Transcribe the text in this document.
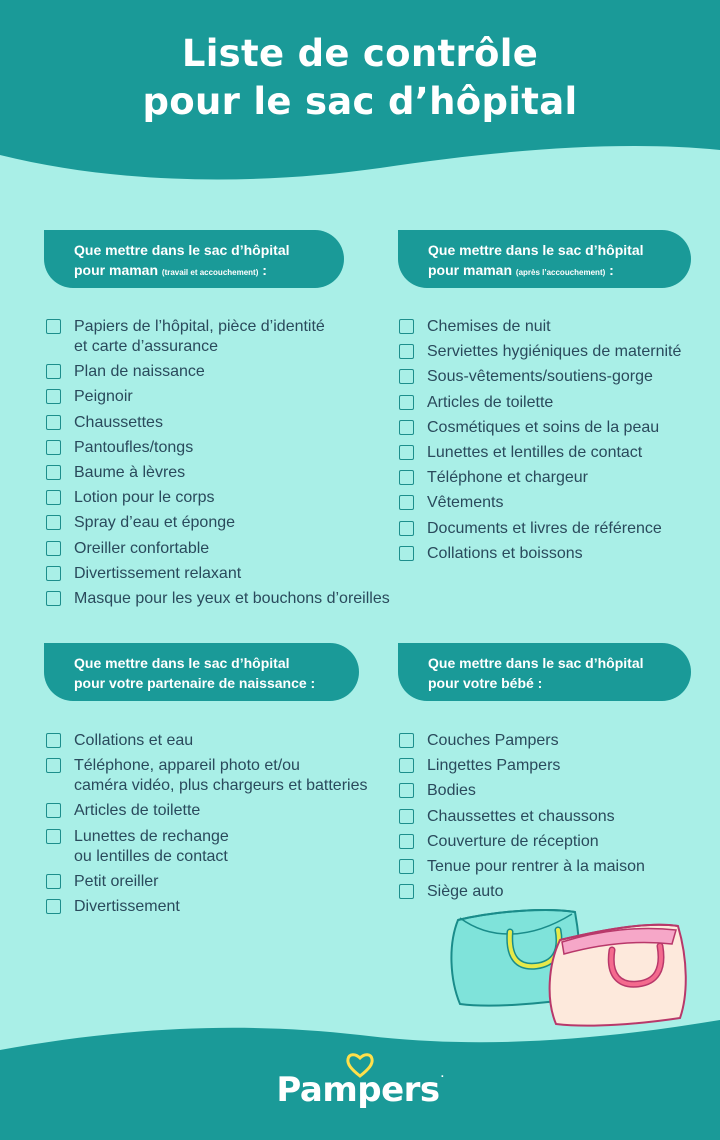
Liste de contrôle
pour le sac d’hôpital
Que mettre dans le sac d’hôpital
pour maman (travail et accouchement) :
Papiers de l’hôpital, pièce d’identité
et carte d’assurance
Plan de naissance
Peignoir
Chaussettes
Pantoufles/tongs
Baume à lèvres
Lotion pour le corps
Spray d’eau et éponge
Oreiller confortable
Divertissement relaxant
Masque pour les yeux et bouchons d’oreilles
Que mettre dans le sac d’hôpital
pour maman (après l’accouchement) :
Chemises de nuit
Serviettes hygiéniques de maternité
Sous-vêtements/soutiens-gorge
Articles de toilette
Cosmétiques et soins de la peau
Lunettes et lentilles de contact
Téléphone et chargeur
Vêtements
Documents et livres de référence
Collations et boissons
Que mettre dans le sac d’hôpital
pour votre partenaire de naissance :
Collations et eau
Téléphone, appareil photo et/ou
caméra vidéo, plus chargeurs et batteries
Articles de toilette
Lunettes de rechange
ou lentilles de contact
Petit oreiller
Divertissement
Que mettre dans le sac d’hôpital
pour votre bébé :
Couches Pampers
Lingettes Pampers
Bodies
Chaussettes et chaussons
Couverture de réception
Tenue pour rentrer à la maison
Siège auto
Pampers.
